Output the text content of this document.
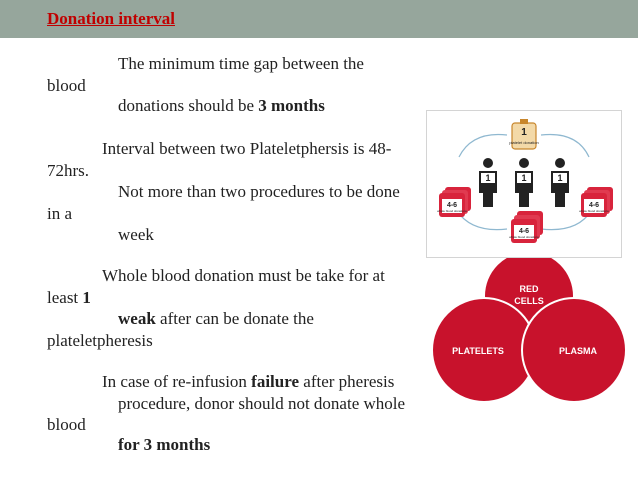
Donation interval

The minimum time gap between the

blood

donations should be 3 months

Interval between two Plateletphersis is 48-

72hrs.

Not more than two procedures to be done

in a

week

Whole blood donation must be take for at

least 1

weak after can be donate the

plateletpheresis

In case of re-infusion failure after pheresis

procedure, donor should not donate whole

blood

for 3 months

1
platelet donation
1	1	1
4-6
whole blood donations
4-6
whole blood donations
4-6
whole blood donations
RED
CELLS
PLATELETS	PLASMA
